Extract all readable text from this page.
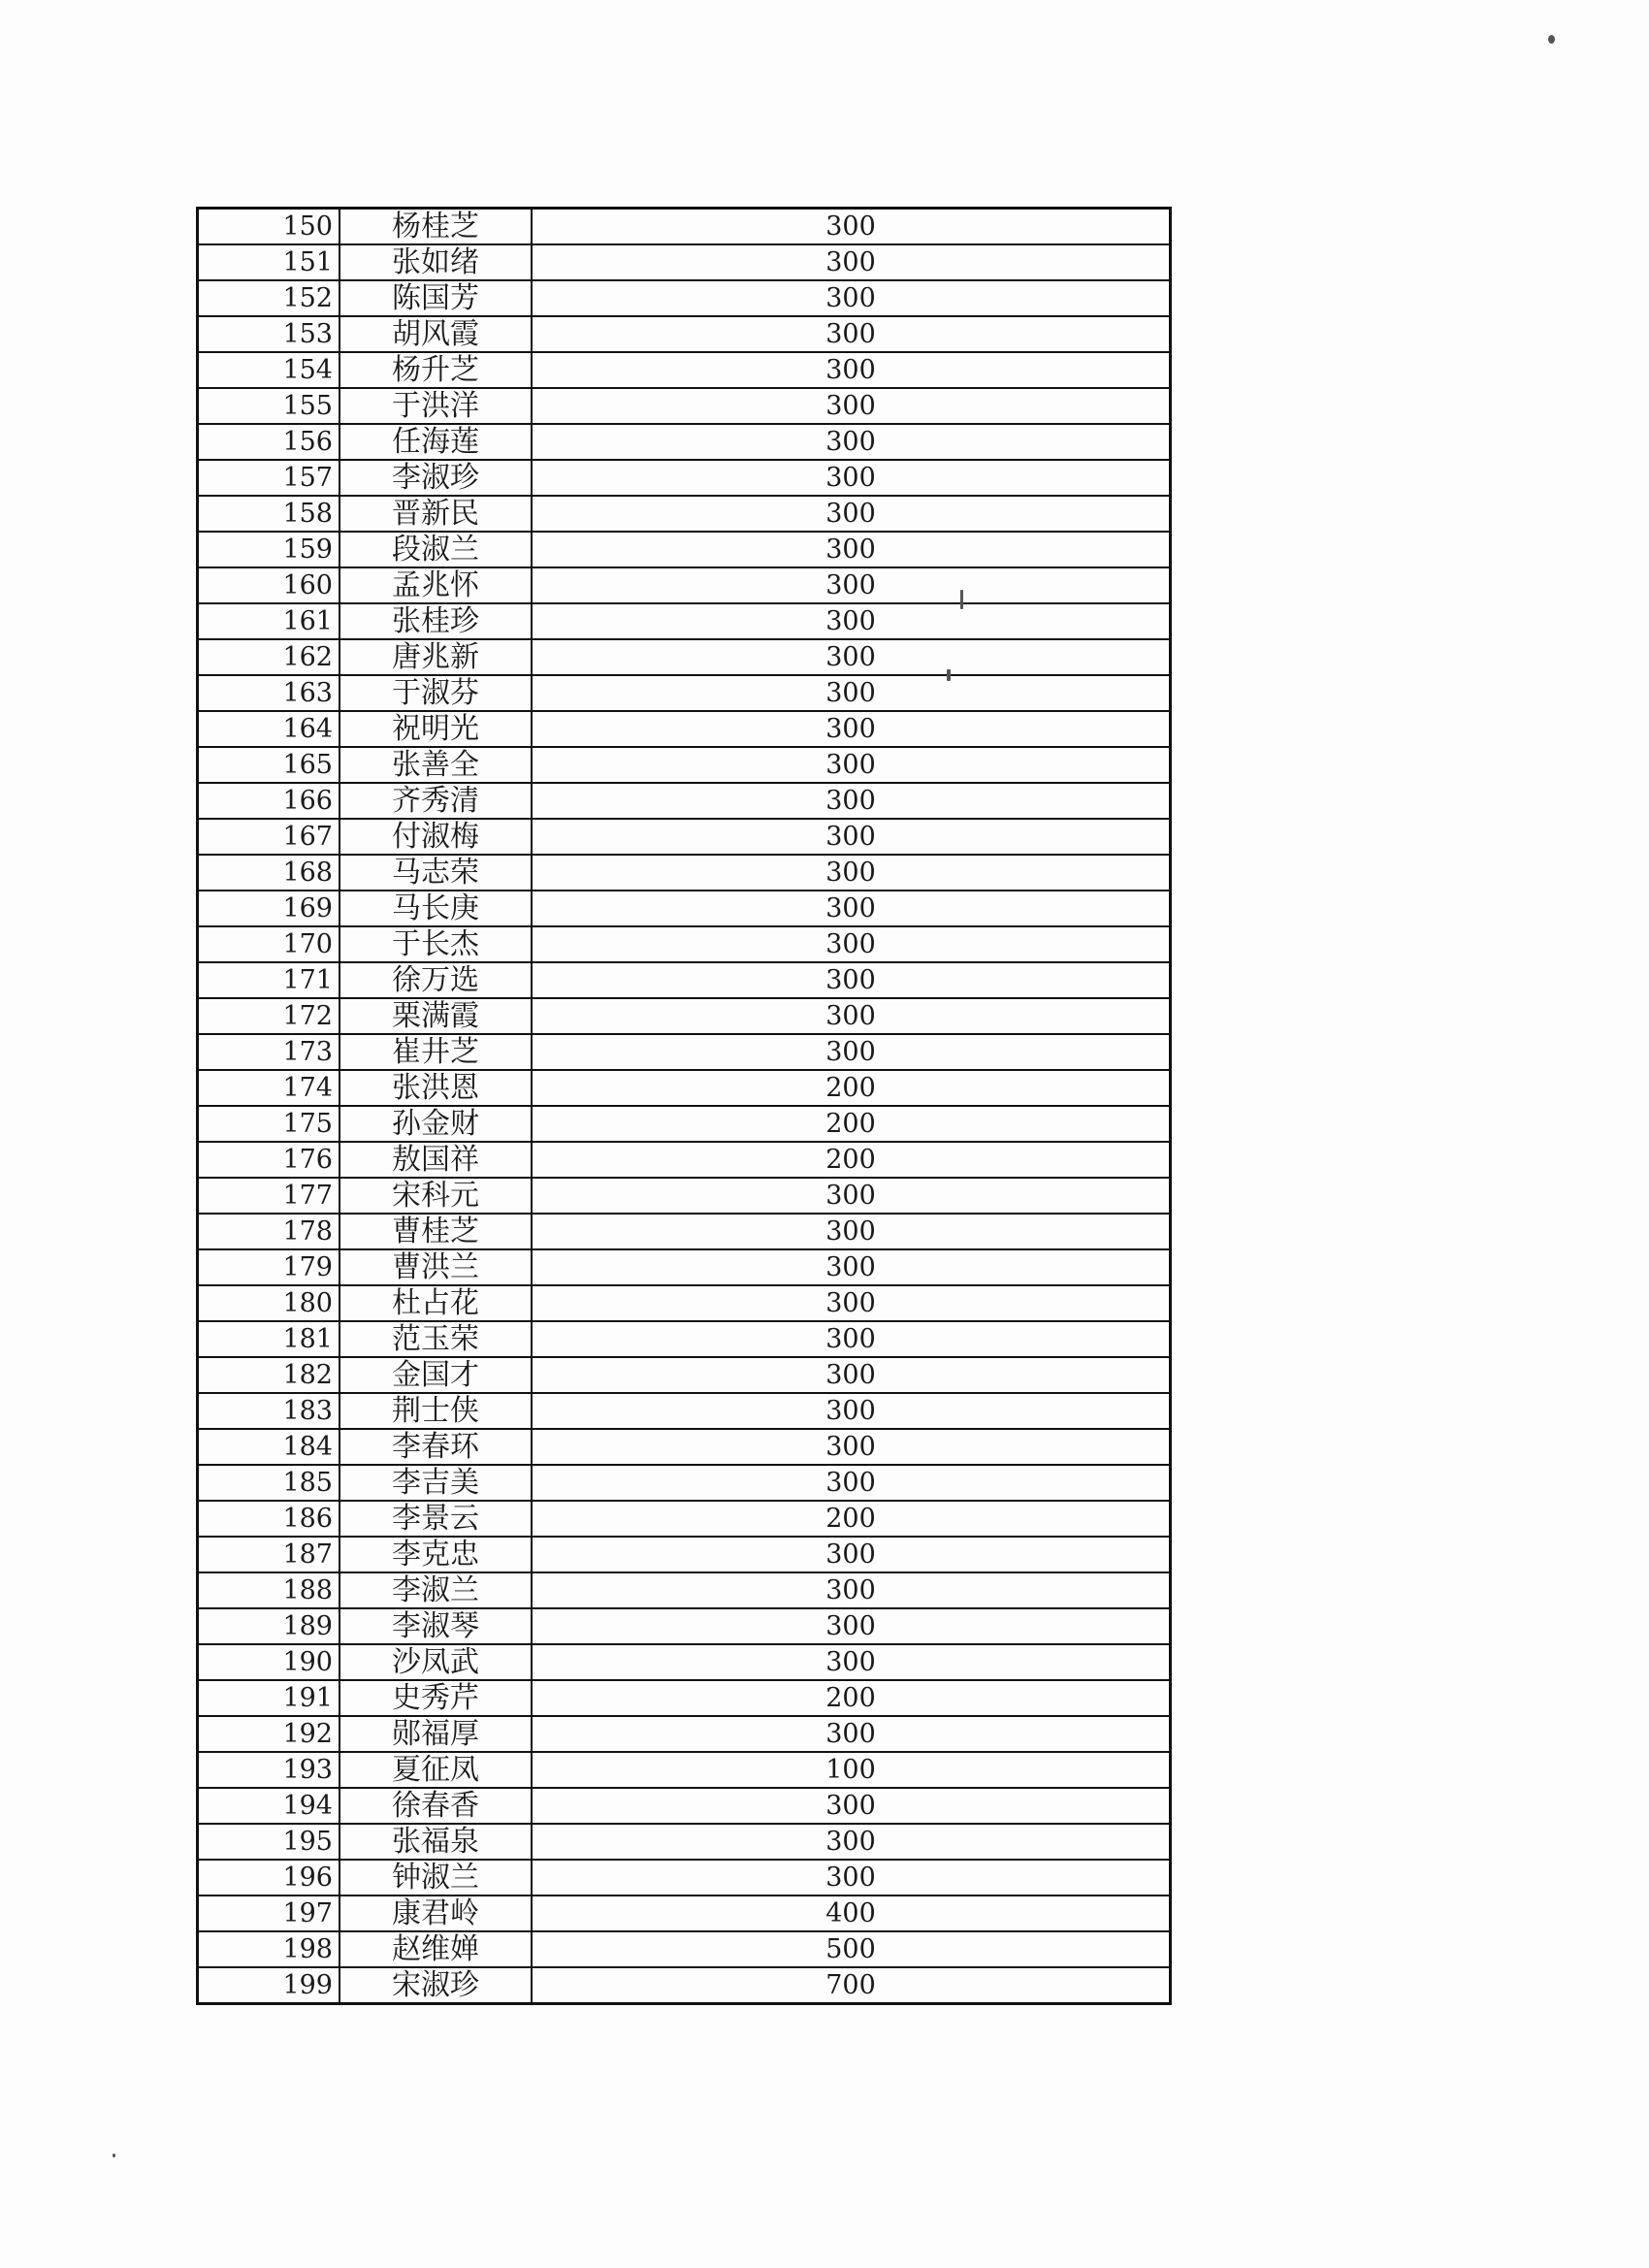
150	杨桂芝	300
151	张如绪	300
152	陈国芳	300
153	胡风霞	300
154	杨升芝	300
155	于洪洋	300
156	任海莲	300
157	李淑珍	300
158	晋新民	300
159	段淑兰	300
160	孟兆怀	300
161	张桂珍	300
162	唐兆新	300
163	于淑芬	300
164	祝明光	300
165	张善全	300
166	齐秀清	300
167	付淑梅	300
168	马志荣	300
169	马长庚	300
170	于长杰	300
171	徐万选	300
172	栗满霞	300
173	崔井芝	300
174	张洪恩	200
175	孙金财	200
176	敖国祥	200
177	宋科元	300
178	曹桂芝	300
179	曹洪兰	300
180	杜占花	300
181	范玉荣	300
182	金国才	300
183	荆士侠	300
184	李春环	300
185	李吉美	300
186	李景云	200
187	李克忠	300
188	李淑兰	300
189	李淑琴	300
190	沙凤武	300
191	史秀芹	200
192	郧福厚	300
193	夏征凤	100
194	徐春香	300
195	张福泉	300
196	钟淑兰	300
197	康君岭	400
198	赵维婵	500
199	宋淑珍	700
